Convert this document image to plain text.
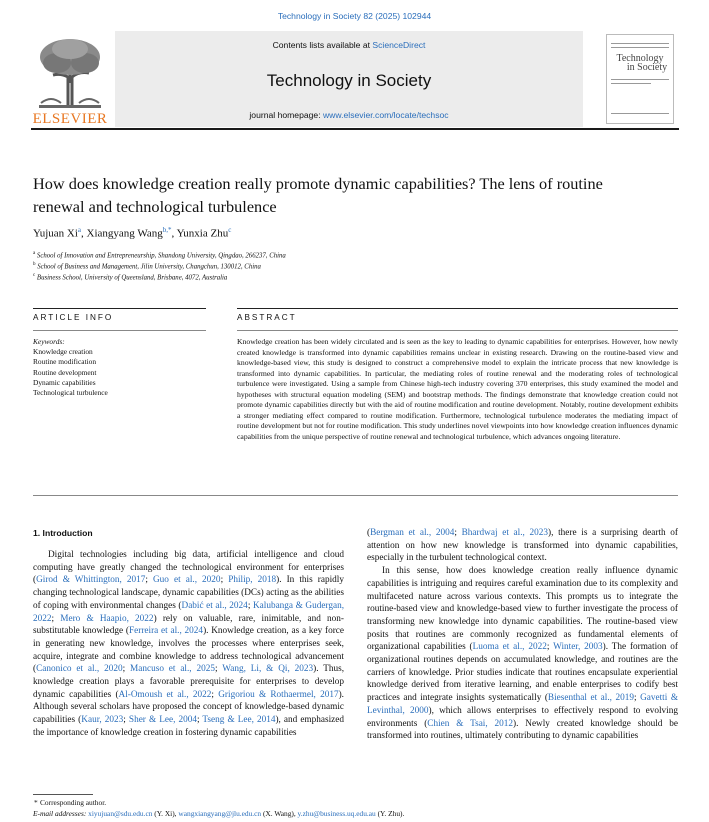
Technology in Society 82 (2025) 102944
ELSEVIER
Contents lists available at ScienceDirect
Technology in Society
journal homepage: www.elsevier.com/locate/techsoc
Technology
in Society
How does knowledge creation really promote dynamic capabilities? The lens of routine renewal and technological turbulence
Yujuan Xi$^a$, Xiangyang Wang$^{b,*}$, Yunxia Zhu$^c$
$^a$ School of Innovation and Entrepreneurship, Shandong University, Qingdao, 266237, China
$^b$ School of Business and Management, Jilin University, Changchun, 130012, China
$^c$ Business School, University of Queensland, Brisbane, 4072, Australia
ARTICLE INFO	ABSTRACT
Keywords:
Knowledge creation
Routine modification
Routine development
Dynamic capabilities
Technological turbulence
Knowledge creation has been widely circulated and is seen as the key to leading to dynamic capabilities for enterprises. However, how newly created knowledge is transformed into dynamic capabilities remains unclear in existing research. Drawing on the routine-based view and knowledge-based view, this study is designed to construct a comprehensive model to explain the intricate process that new knowledge is transformed into dynamic capabilities. In particular, the mediating roles of routine renewal and the moderating roles of technological turbulence were investigated. Using a sample from Chinese high-tech industry covering 370 enterprises, this study examined the model and hypotheses with structural equation modeling (SEM) and bootstrap methods. The findings demonstrate that knowledge creation could not promote dynamic capabilities directly but with the aid of routine modification and routine development. Notably, routine development exhibits a stronger mediating effect compared to routine modification. Furthermore, technological turbulence moderates the mediating impact of routine development but not for routine modification. This study underlines novel viewpoints into how knowledge creation influences dynamic capabilities from the unique perspective of routine renewal and technological turbulence, which advances ongoing literature.
1. Introduction

Digital technologies including big data, artificial intelligence and cloud computing have greatly changed the technological environment for enterprises (Girod & Whittington, 2017; Guo et al., 2020; Philip, 2018). In this rapidly changing technological landscape, dynamic capabilities (DCs) acting as the abilities of coping with environmental changes (Dabić et al., 2024; Kalubanga & Gudergan, 2022; Mero & Haapio, 2022) rely on valuable, rare, inimitable, and non-substitutable knowledge (Ferreira et al., 2024). Knowledge creation, as a key force in generating new knowledge, involves the processes where enterprises seek, acquire, integrate and combine knowledge to address technological advancement (Canonico et al., 2020; Mancuso et al., 2025; Wang, Li, & Qi, 2023). Thus, knowledge creation plays a favorable prerequisite for enterprises to develop dynamic capabilities (Al-Omoush et al., 2022; Grigoriou & Rothaermel, 2017). Although several scholars have proposed the concept of knowledge-based dynamic capabilities (Kaur, 2023; Sher & Lee, 2004; Tseng & Lee, 2014), and emphasized the importance of knowledge creation in fostering dynamic capabilities

(Bergman et al., 2004; Bhardwaj et al., 2023), there is a surprising dearth of attention on how new knowledge is transformed into dynamic capabilities, especially in the turbulent technological context.

In this sense, how does knowledge creation really influence dynamic capabilities is intriguing and requires careful examination due to its complexity and multifaceted nature across various contexts. This prompts us to integrate the routine-based view and knowledge-based view to further investigate the process of transforming new knowledge into dynamic capabilities. The routine-based view posits that routines are commonly recognized as fundamental elements of organizational capabilities (Luoma et al., 2022; Winter, 2003). The formation of organizational routines depends on accumulated knowledge, and routines are the carriers of knowledge. Prior studies indicate that routines encapsulate experiential knowledge derived from iterative learning, and enable enterprises to codify best practices and integrate insights systematically (Biesenthal et al., 2019; Gavetti & Levinthal, 2000), which allows enterprises to effectively respond to evolving environments (Chien & Tsai, 2012). Newly created knowledge should be transformed into routines, ultimately contributing to dynamic capabilities

* Corresponding author.
E-mail addresses: xiyujuan@sdu.edu.cn (Y. Xi), wangxiangyang@jlu.edu.cn (X. Wang), y.zhu@business.uq.edu.au (Y. Zhu).
